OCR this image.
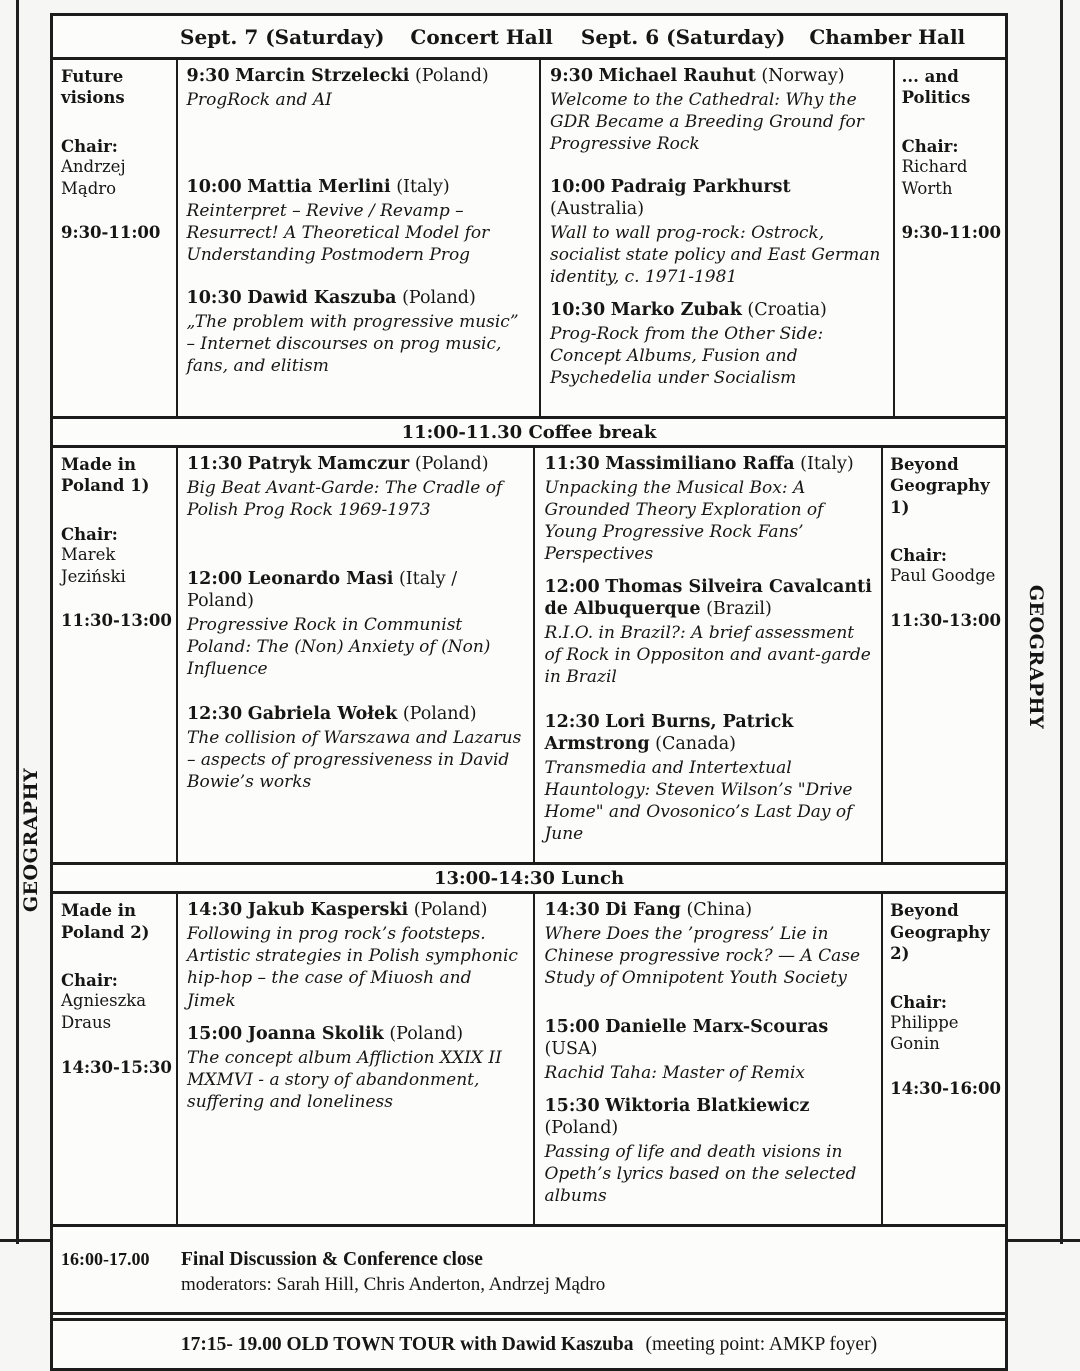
GEOGRAPHY
GEOGRAPHY
Sept. 7 (Saturday) Concert Hall Sept. 6 (Saturday) Chamber Hall
Future visions
Chair:
Andrzej Mądro
9:30-11:00
9:30 Marcin Strzelecki (Poland)
ProgRock and AI
10:00 Mattia Merlini (Italy)
Reinterpret – Revive / Revamp – Resurrect! A Theoretical Model for Understanding Postmodern Prog
10:30 Dawid Kaszuba (Poland)
„The problem with progressive music” – Internet discourses on prog music, fans, and elitism
9:30 Michael Rauhut (Norway)
Welcome to the Cathedral: Why the GDR Became a Breeding Ground for Progressive Rock
10:00 Padraig Parkhurst (Australia)
Wall to wall prog-rock: Ostrock, socialist state policy and East German identity, c. 1971-1981
10:30 Marko Zubak (Croatia)
Prog-Rock from the Other Side: Concept Albums, Fusion and Psychedelia under Socialism
... and Politics
Chair:
Richard Worth
9:30-11:00
11:00-11.30 Coffee break
Made in Poland 1)
Chair:
Marek Jeziński
11:30-13:00
11:30 Patryk Mamczur (Poland)
Big Beat Avant-Garde: The Cradle of Polish Prog Rock 1969-1973
12:00 Leonardo Masi (Italy / Poland)
Progressive Rock in Communist Poland: The (Non) Anxiety of (Non) Influence
12:30 Gabriela Wołek (Poland)
The collision of Warszawa and Lazarus – aspects of progressiveness in David Bowie’s works
11:30 Massimiliano Raffa (Italy)
Unpacking the Musical Box: A Grounded Theory Exploration of Young Progressive Rock Fans’ Perspectives
12:00 Thomas Silveira Cavalcanti de Albuquerque (Brazil)
R.I.O. in Brazil?: A brief assessment of Rock in Oppositon and avant-garde in Brazil
12:30 Lori Burns, Patrick Armstrong (Canada)
Transmedia and Intertextual Hauntology: Steven Wilson’s "Drive Home" and Ovosonico’s Last Day of June
Beyond Geography 1)
Chair:
Paul Goodge
11:30-13:00
13:00-14:30 Lunch
Made in Poland 2)
Chair:
Agnieszka Draus
14:30-15:30
14:30 Jakub Kasperski (Poland)
Following in prog rock’s footsteps. Artistic strategies in Polish symphonic hip-hop – the case of Miuosh and Jimek
15:00 Joanna Skolik (Poland)
The concept album Affliction XXIX II MXMVI - a story of abandonment, suffering and loneliness
14:30 Di Fang (China)
Where Does the ’progress’ Lie in Chinese progressive rock? — A Case Study of Omnipotent Youth Society
15:00 Danielle Marx-Scouras (USA)
Rachid Taha: Master of Remix
15:30 Wiktoria Blatkiewicz (Poland)
Passing of life and death visions in Opeth’s lyrics based on the selected albums
Beyond Geography 2)
Chair:
Philippe Gonin
14:30-16:00
16:00-17.00	Final Discussion & Conference close
moderators: Sarah Hill, Chris Anderton, Andrzej Mądro
17:15- 19.00 OLD TOWN TOUR with Dawid Kaszuba (meeting point: AMKP foyer)
